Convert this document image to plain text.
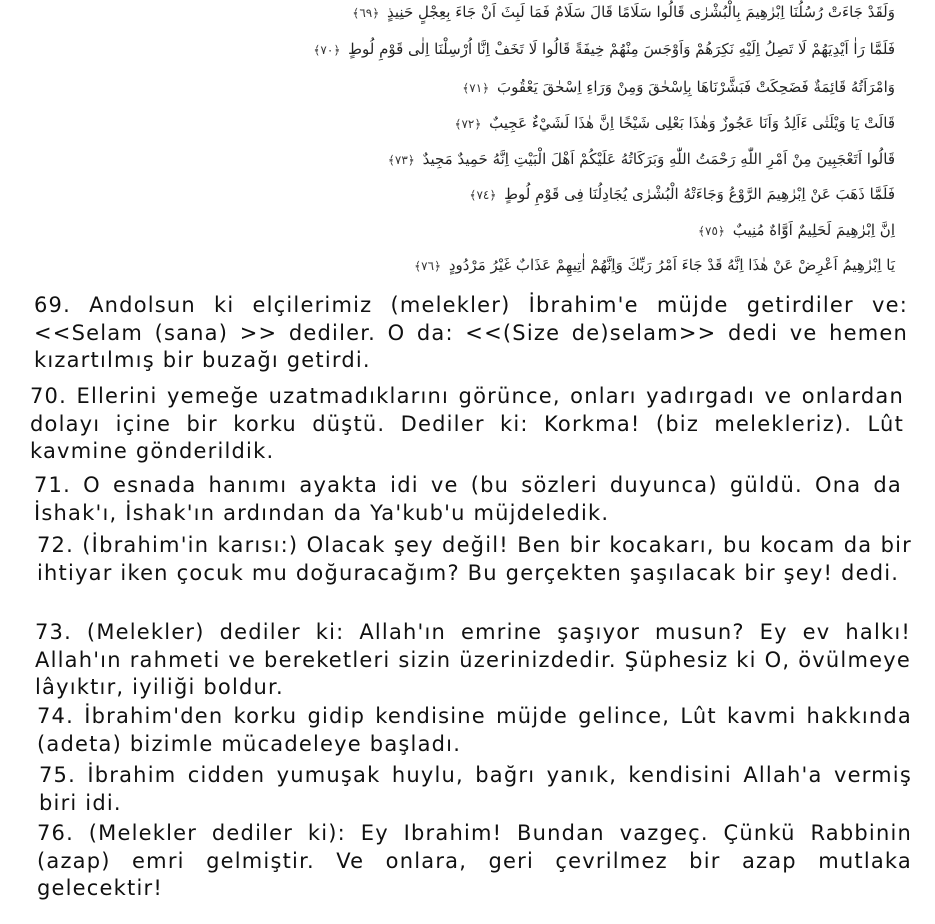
وَلَقَدْ جَاءَتْ رُسُلُنَا اِبْرٰهِيمَ بِالْبُشْرٰى قَالُوا سَلَامًا قَالَ سَلَامٌ فَمَا لَبِثَ اَنْ جَاءَ بِعِجْلٍ حَنِيذٍ ﴿٦٩﴾
فَلَمَّا رَاٰ اَيْدِيَهُمْ لَا تَصِلُ اِلَيْهِ نَكِرَهُمْ وَاَوْجَسَ مِنْهُمْ خِيفَةً قَالُوا لَا تَخَفْ اِنَّا اُرْسِلْنَا اِلٰى قَوْمِ لُوطٍ ﴿٧٠﴾
وَامْرَاَتُهُ قَائِمَةٌ فَضَحِكَتْ فَبَشَّرْنَاهَا بِاِسْحٰقَ وَمِنْ وَرَاءِ اِسْحٰقَ يَعْقُوبَ ﴿٧١﴾
قَالَتْ يَا وَيْلَتٰى ءَاَلِدُ وَاَنَا عَجُوزٌ وَهٰذَا بَعْلِى شَيْخًا اِنَّ هٰذَا لَشَيْءٌ عَجِيبٌ ﴿٧٢﴾
قَالُوا اَتَعْجَبِينَ مِنْ اَمْرِ اللّٰهِ رَحْمَتُ اللّٰهِ وَبَرَكَاتُهُ عَلَيْكُمْ اَهْلَ الْبَيْتِ اِنَّهُ حَمِيدٌ مَجِيدٌ ﴿٧٣﴾
فَلَمَّا ذَهَبَ عَنْ اِبْرٰهِيمَ الرَّوْعُ وَجَاءَتْهُ الْبُشْرٰى يُجَادِلُنَا فِى قَوْمِ لُوطٍ ﴿٧٤﴾
اِنَّ اِبْرٰهِيمَ لَحَلِيمٌ اَوَّاهٌ مُنِيبٌ ﴿٧٥﴾
يَا اِبْرٰهِيمُ اَعْرِضْ عَنْ هٰذَا اِنَّهُ قَدْ جَاءَ اَمْرُ رَبِّكَ وَاِنَّهُمْ اٰتِيهِمْ عَذَابٌ غَيْرُ مَرْدُودٍ ﴿٧٦﴾
69. Andolsun ki elçilerimiz (melekler) İbrahim'e müjde getirdiler ve: <<Selam (sana) >> dediler. O da: <<(Size de)selam>> dedi ve hemen kızartılmış bir buzağı getirdi.
70. Ellerini yemeğe uzatmadıklarını görünce, onları yadırgadı ve onlardan dolayı içine bir korku düştü. Dediler ki: Korkma! (biz melekleriz). Lût kavmine gönderildik.
71. O esnada hanımı ayakta idi ve (bu sözleri duyunca) güldü. Ona da İshak'ı, İshak'ın ardından da Ya'kub'u müjdeledik.
72. (İbrahim'in karısı:) Olacak şey değil! Ben bir kocakarı, bu kocam da bir ihtiyar iken çocuk mu doğuracağım? Bu gerçekten şaşılacak bir şey! dedi.
73. (Melekler) dediler ki: Allah'ın emrine şaşıyor musun? Ey ev halkı! Allah'ın rahmeti ve bereketleri sizin üzerinizdedir. Şüphesiz ki O, övülmeye lâyıktır, iyiliği boldur.
74. İbrahim'den korku gidip kendisine müjde gelince, Lût kavmi hakkında (adeta) bizimle mücadeleye başladı.
75. İbrahim cidden yumuşak huylu, bağrı yanık, kendisini Allah'a vermiş biri idi.
76. (Melekler dediler ki): Ey Ibrahim! Bundan vazgeç. Çünkü Rabbinin (azap) emri gelmiştir. Ve onlara, geri çevrilmez bir azap mutlaka gelecektir!
